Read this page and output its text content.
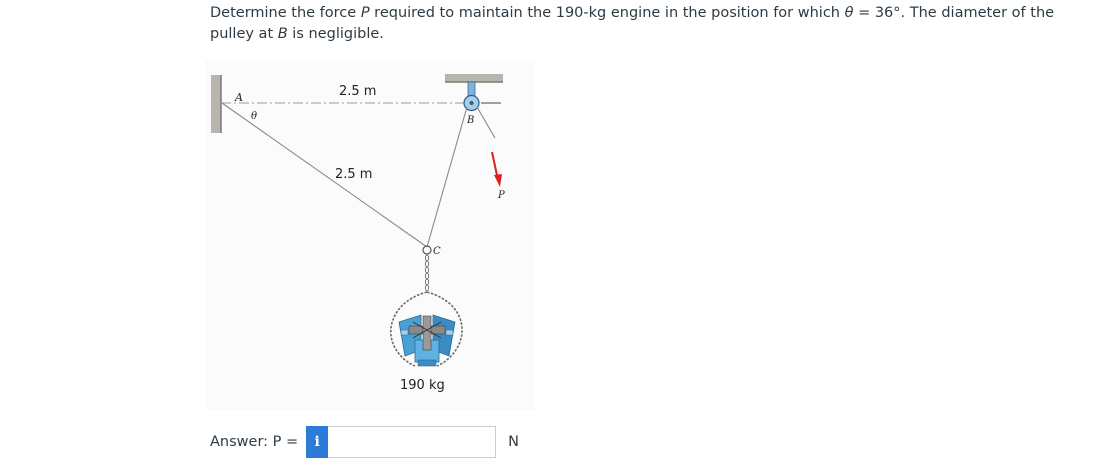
Determine the force P required to maintain the 190-kg engine in the position for which θ = 36°. The diameter of the pulley at B is negligible.
A
θ	B
C
P
2.5 m
2.5 m
190 kg
Answer: P =	i	N
